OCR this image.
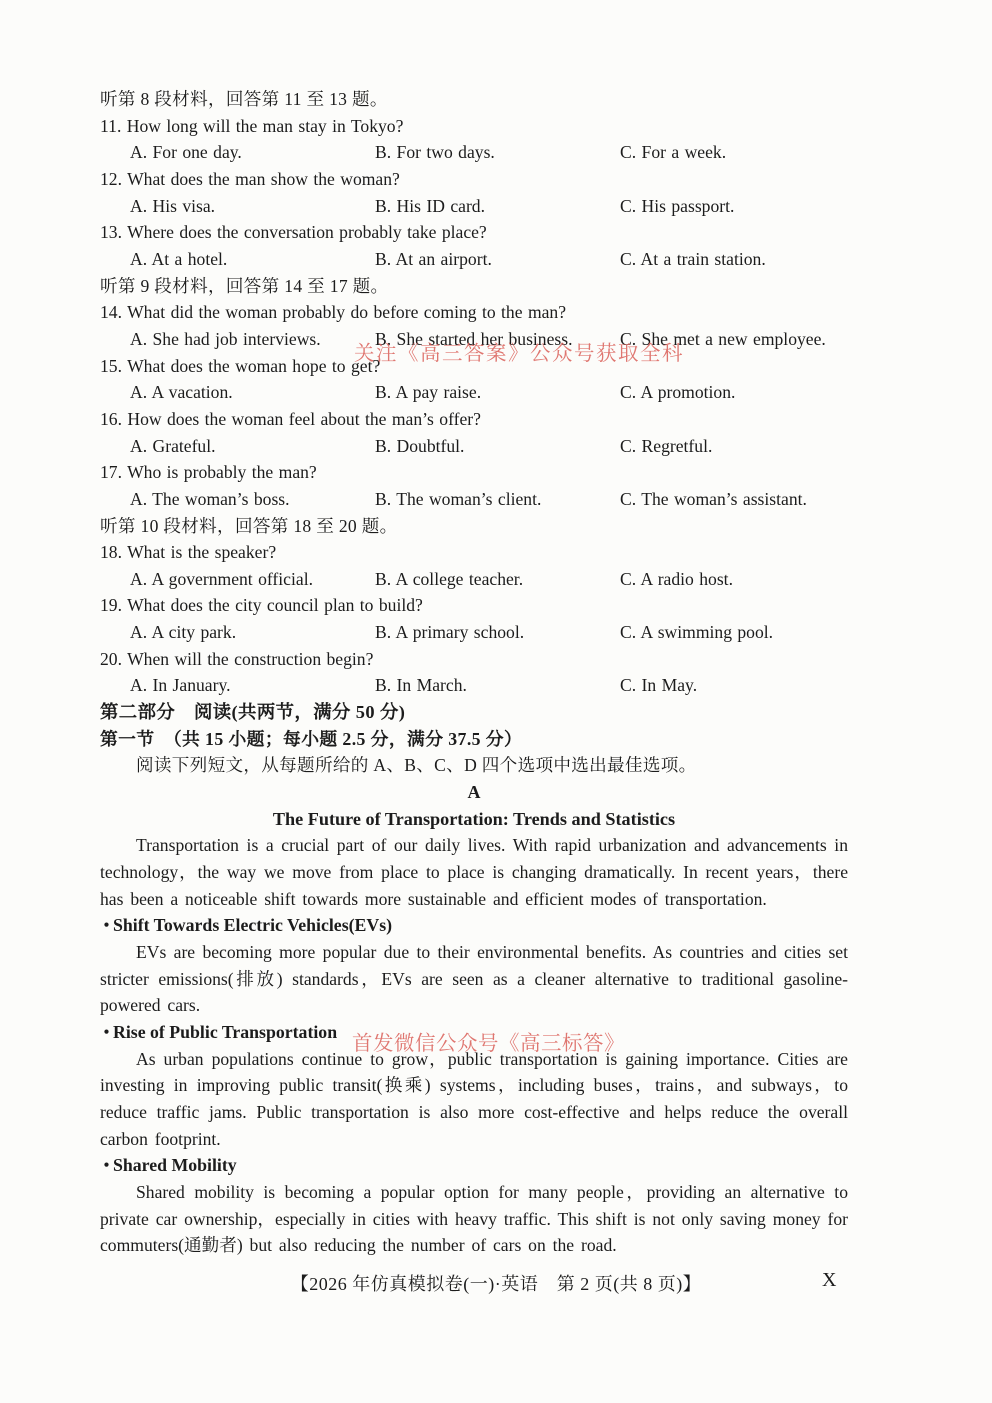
听第 8 段材料，回答第 11 至 13 题。
11. How long will the man stay in Tokyo?
A. For one day.	B. For two days.	C. For a week.
12. What does the man show the woman?
A. His visa.	B. His ID card.	C. His passport.
13. Where does the conversation probably take place?
A. At a hotel.	B. At an airport.	C. At a train station.
听第 9 段材料，回答第 14 至 17 题。
14. What did the woman probably do before coming to the man?
A. She had job interviews.	B. She started her business.	C. She met a new employee.
15. What does the woman hope to get?
A. A vacation.	B. A pay raise.	C. A promotion.
16. How does the woman feel about the man’s offer?
A. Grateful.	B. Doubtful.	C. Regretful.
17. Who is probably the man?
A. The woman’s boss.	B. The woman’s client.	C. The woman’s assistant.
听第 10 段材料，回答第 18 至 20 题。
18. What is the speaker?
A. A government official.	B. A college teacher.	C. A radio host.
19. What does the city council plan to build?
A. A city park.	B. A primary school.	C. A swimming pool.
20. When will the construction begin?
A. In January.	B. In March.	C. In May.
第二部分　阅读(共两节，满分 50 分)
第一节　（共 15 小题；每小题 2.5 分，满分 37.5 分）
阅读下列短文，从每题所给的 A、B、C、D 四个选项中选出最佳选项。
A
The Future of Transportation: Trends and Statistics
Transportation is a crucial part of our daily lives. With rapid urbanization and advancements in technology，the way we move from place to place is changing dramatically. In recent years，there has been a noticeable shift towards more sustainable and efficient modes of transportation.
• Shift Towards Electric Vehicles(EVs)
EVs are becoming more popular due to their environmental benefits. As countries and cities set stricter emissions(排放) standards，EVs are seen as a cleaner alternative to traditional gasoline-powered cars.
• Rise of Public Transportation
As urban populations continue to grow，public transportation is gaining importance. Cities are investing in improving public transit(换乘) systems，including buses，trains，and subways，to reduce traffic jams. Public transportation is also more cost-effective and helps reduce the overall carbon footprint.
• Shared Mobility
Shared mobility is becoming a popular option for many people，providing an alternative to private car ownership，especially in cities with heavy traffic. This shift is not only saving money for commuters(通勤者) but also reducing the number of cars on the road.
关注《高三答案》公众号获取全科
首发微信公众号《高三标答》
【2026 年仿真模拟卷(一)·英语　第 2 页(共 8 页)】	X
